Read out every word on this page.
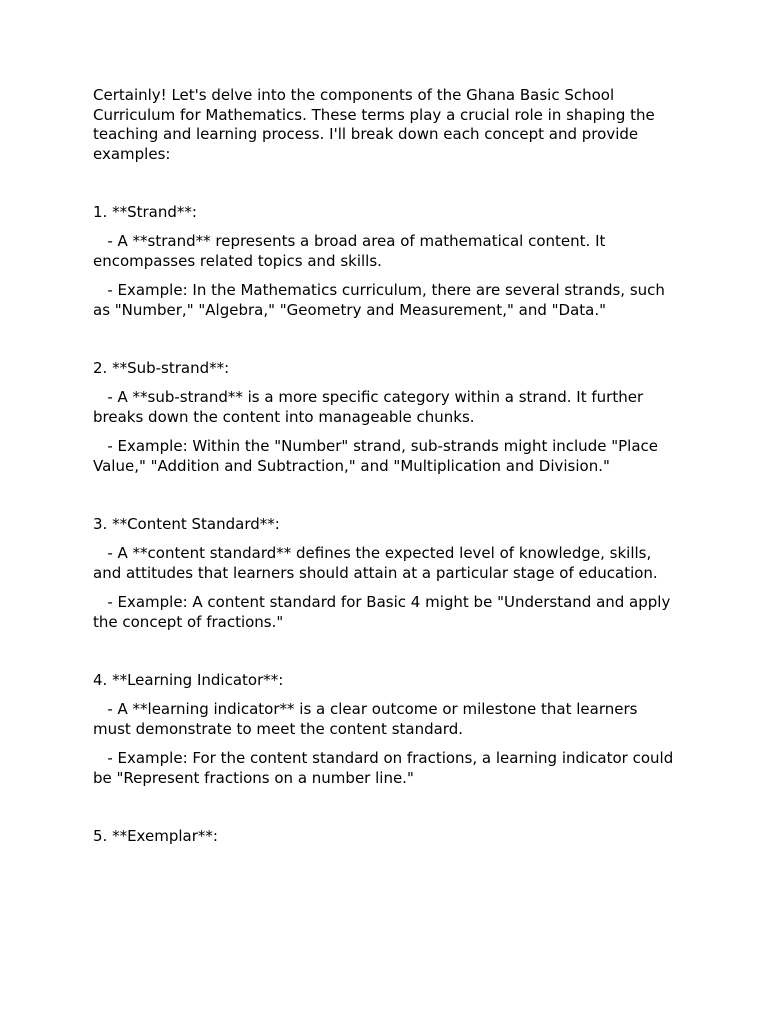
Certainly! Let's delve into the components of the Ghana Basic School Curriculum for Mathematics. These terms play a crucial role in shaping the teaching and learning process. I'll break down each concept and provide examples:

1. **Strand**:

- A **strand** represents a broad area of mathematical content. It encompasses related topics and skills.

- Example: In the Mathematics curriculum, there are several strands, such as "Number," "Algebra," "Geometry and Measurement," and "Data."

2. **Sub-strand**:

- A **sub-strand** is a more specific category within a strand. It further breaks down the content into manageable chunks.

- Example: Within the "Number" strand, sub-strands might include "Place Value," "Addition and Subtraction," and "Multiplication and Division."

3. **Content Standard**:

- A **content standard** defines the expected level of knowledge, skills, and attitudes that learners should attain at a particular stage of education.

- Example: A content standard for Basic 4 might be "Understand and apply the concept of fractions."

4. **Learning Indicator**:

- A **learning indicator** is a clear outcome or milestone that learners must demonstrate to meet the content standard.

- Example: For the content standard on fractions, a learning indicator could be "Represent fractions on a number line."

5. **Exemplar**:
